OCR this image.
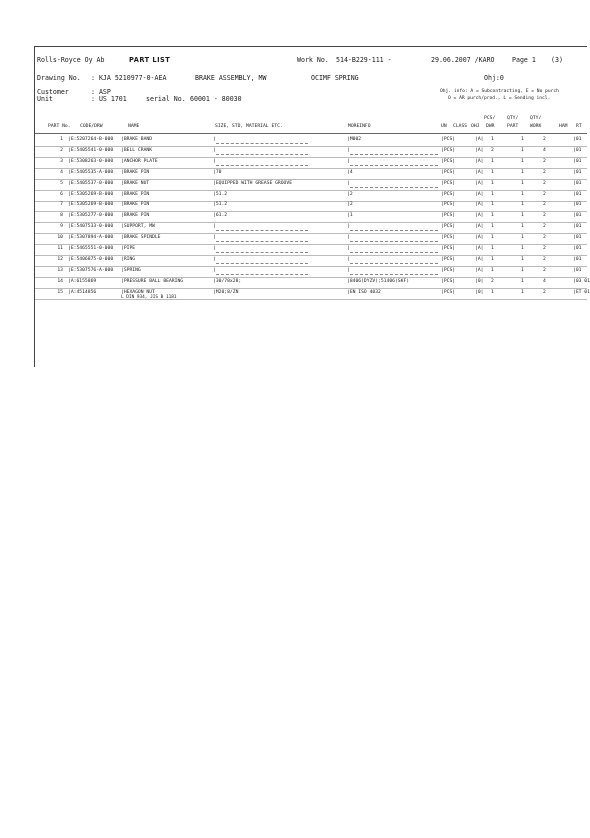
Rolls-Royce Oy Ab	PART LIST	Work No. 514-B229-111 -	29.06.2007 /KARO	Page 1 (3)
Drawing No. : KJA 5210977-0-AEA	BRAKE ASSEMBLY, MW	OCIMF SPRING	Ohj:0
Customer	: ASP
Unit	: US 1701	serial No. 60001 - 80030
Ohj. info: A = Subcontracting, E = No purch
O = AR purch/prod., L = Sending incl.
PCS/ QTY/ QTY/
PART No. CODE/DRW	NAME	SIZE, STD, MATERIAL ETC.	MOREINFO	UN CLASS OHJ DWR	PART WORK	HAM RT
1 |E:5207264-B-000 |BRAKE BAND	|	|M002	|PCS|	|A| 1	1	2	|01
2 |E:5405541-0-000 |BELL CRANK	|	|	|PCS|	|A| 2	1	4	|01
3 |E:5308263-0-000 |ANCHOR PLATE	|	|	|PCS|	|A| 1	1	2	|01
4 |E:5405535-A-000 |BRAKE PIN	|70	|4	|PCS|	|A| 1	1	2	|01
5 |E:5405537-0-000 |BRAKE NUT	|EQUIPPED WITH GREASE GROOVE	|	|PCS|	|A| 1	1	2	|01
6 |E:5305269-B-000 |BRAKE PIN	|51.2	|2	|PCS|	|A| 1	1	2	|01
7 |E:5305269-B-000 |BRAKE PIN	|51.2	|2	|PCS|	|A| 1	1	2	|01
8 |E:5305277-0-000 |BRAKE PIN	|61.2	|1	|PCS|	|A| 1	1	2	|01
9 |E:5407533-0-000 |SUPPORT, MW	|	|	|PCS|	|A| 1	1	2	|01
10 |E:5307894-A-000 |BRAKE SPINDLE	|	|	|PCS|	|A| 1	1	2	|01
11 |E:5465551-0-000 |PIPE	|	|	|PCS|	|A| 1	1	2	|01
12 |E:5406875-0-000 |RING	|	|	|PCS|	|A| 1	1	2	|01
13 |E:5307576-A-000 |SPRING	|	|	|PCS|	|A| 1	1	2	|01
14 |A:6155869	|PRESSURE BALL BEARING	|30/78x28;	|8406(DYZV);51406(SKF)	|PCS|	|0| 2	1	4	|03 01
15 |A:4514856	|HEXAGON NUT	|M20;8/ZN	|EN ISO 4032	|PCS|	|0| 1	1	2	|ET 01
L DIN 934, JIS B 1181
